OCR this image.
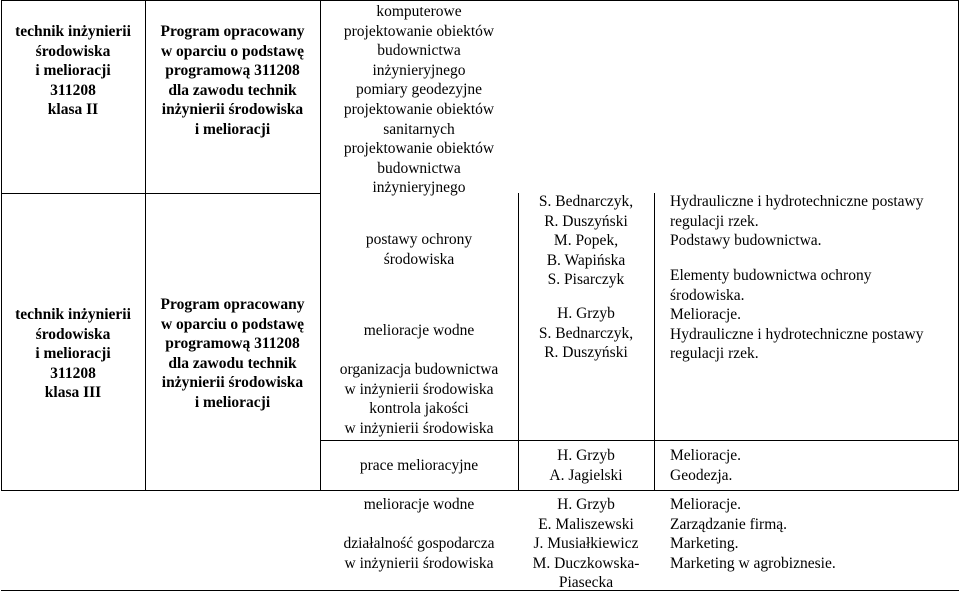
technik inżynierii
środowiska
i melioracji
311208
klasa II
Program opracowany
w oparciu o podstawę
programową 311208
dla zawodu technik
inżynierii środowiska
i melioracji
komputerowe
projektowanie obiektów
budownictwa
inżynieryjnego
pomiary geodezyjne
projektowanie obiektów
sanitarnych
projektowanie obiektów
budownictwa
inżynieryjnego
technik inżynierii
środowiska
i melioracji
311208
klasa III
Program opracowany
w oparciu o podstawę
programową 311208
dla zawodu technik
inżynierii środowiska
i melioracji
postawy ochrony
środowiska
melioracje wodne
organizacja budownictwa
w inżynierii środowiska
kontrola jakości
w inżynierii środowiska
S. Bednarczyk,
R. Duszyński
M. Popek,
B. Wapińska
S. Pisarczyk
H. Grzyb
S. Bednarczyk,
R. Duszyński
Hydrauliczne i hydrotechniczne postawy
regulacji rzek.
Podstawy budownictwa.
Elementy budownictwa ochrony
środowiska.
Melioracje.
Hydrauliczne i hydrotechniczne postawy
regulacji rzek.
prace melioracyjne
H. Grzyb
A. Jagielski
Melioracje.
Geodezja.
melioracje wodne
działalność gospodarcza
w inżynierii środowiska
H. Grzyb
E. Maliszewski
J. Musiałkiewicz
M. Duczkowska-
Piasecka
Melioracje.
Zarządzanie firmą.
Marketing.
Marketing w agrobiznesie.
